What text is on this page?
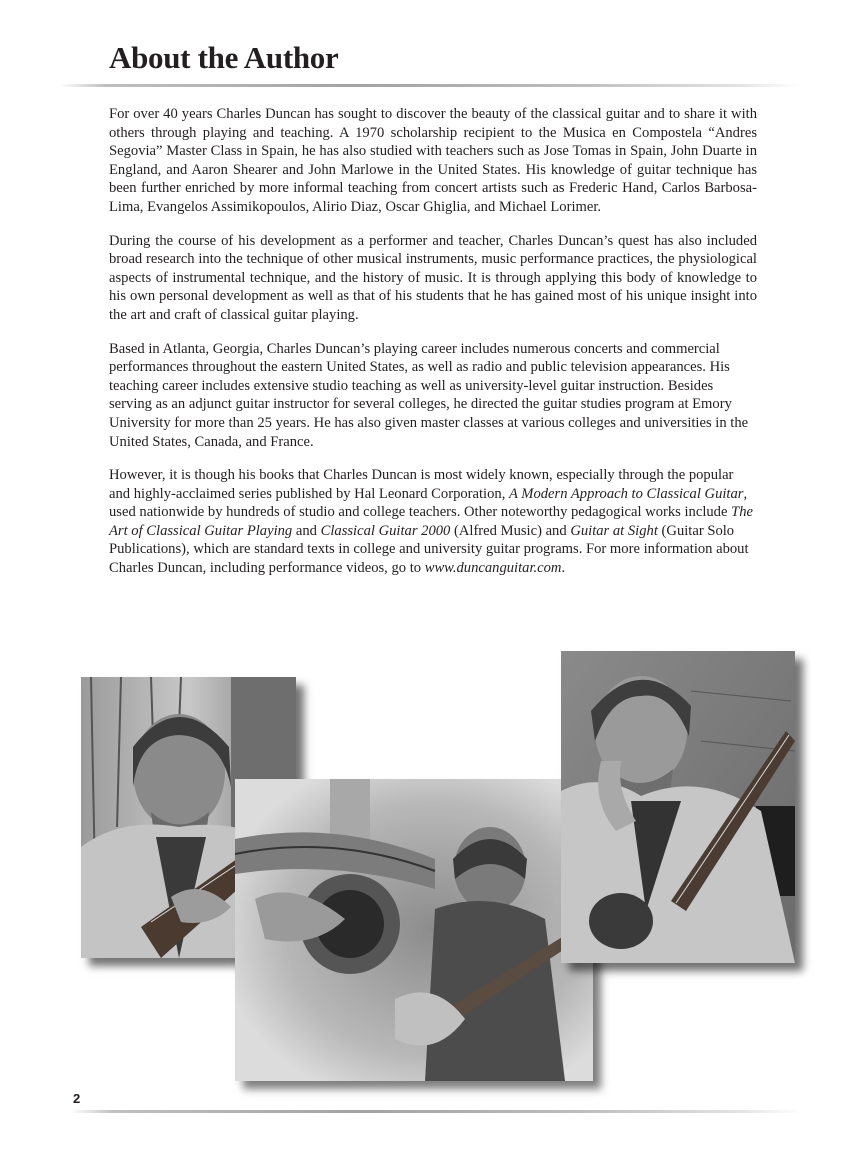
About the Author

For over 40 years Charles Duncan has sought to discover the beauty of the classical guitar and to share it with others through playing and teaching. A 1970 scholarship recipient to the Musica en Compostela “Andres Segovia” Master Class in Spain, he has also studied with teachers such as Jose Tomas in Spain, John Duarte in England, and Aaron Shearer and John Marlowe in the United States. His knowledge of guitar technique has been further enriched by more informal teaching from concert artists such as Frederic Hand, Carlos Barbosa-Lima, Evangelos Assimikopoulos, Alirio Diaz, Oscar Ghiglia, and Michael Lorimer.

During the course of his development as a performer and teacher, Charles Duncan’s quest has also included broad research into the technique of other musical instruments, music performance practices, the physiological aspects of instrumental technique, and the history of music. It is through applying this body of knowledge to his own personal development as well as that of his students that he has gained most of his unique insight into the art and craft of classical guitar playing.

Based in Atlanta, Georgia, Charles Duncan’s playing career includes numerous concerts and commercial performances throughout the eastern United States, as well as radio and public television appearances. His teaching career includes extensive studio teaching as well as university-level guitar instruction. Besides serving as an adjunct guitar instructor for several colleges, he directed the guitar studies program at Emory University for more than 25 years. He has also given master classes at various colleges and universities in the United States, Canada, and France.

However, it is though his books that Charles Duncan is most widely known, especially through the popular and highly-acclaimed series published by Hal Leonard Corporation, A Modern Approach to Classical Guitar, used nationwide by hundreds of studio and college teachers. Other noteworthy pedagogical works include The Art of Classical Guitar Playing and Classical Guitar 2000 (Alfred Music) and Guitar at Sight (Guitar Solo Publications), which are standard texts in college and university guitar programs. For more information about Charles Duncan, including performance videos, go to www.duncanguitar.com.

2
